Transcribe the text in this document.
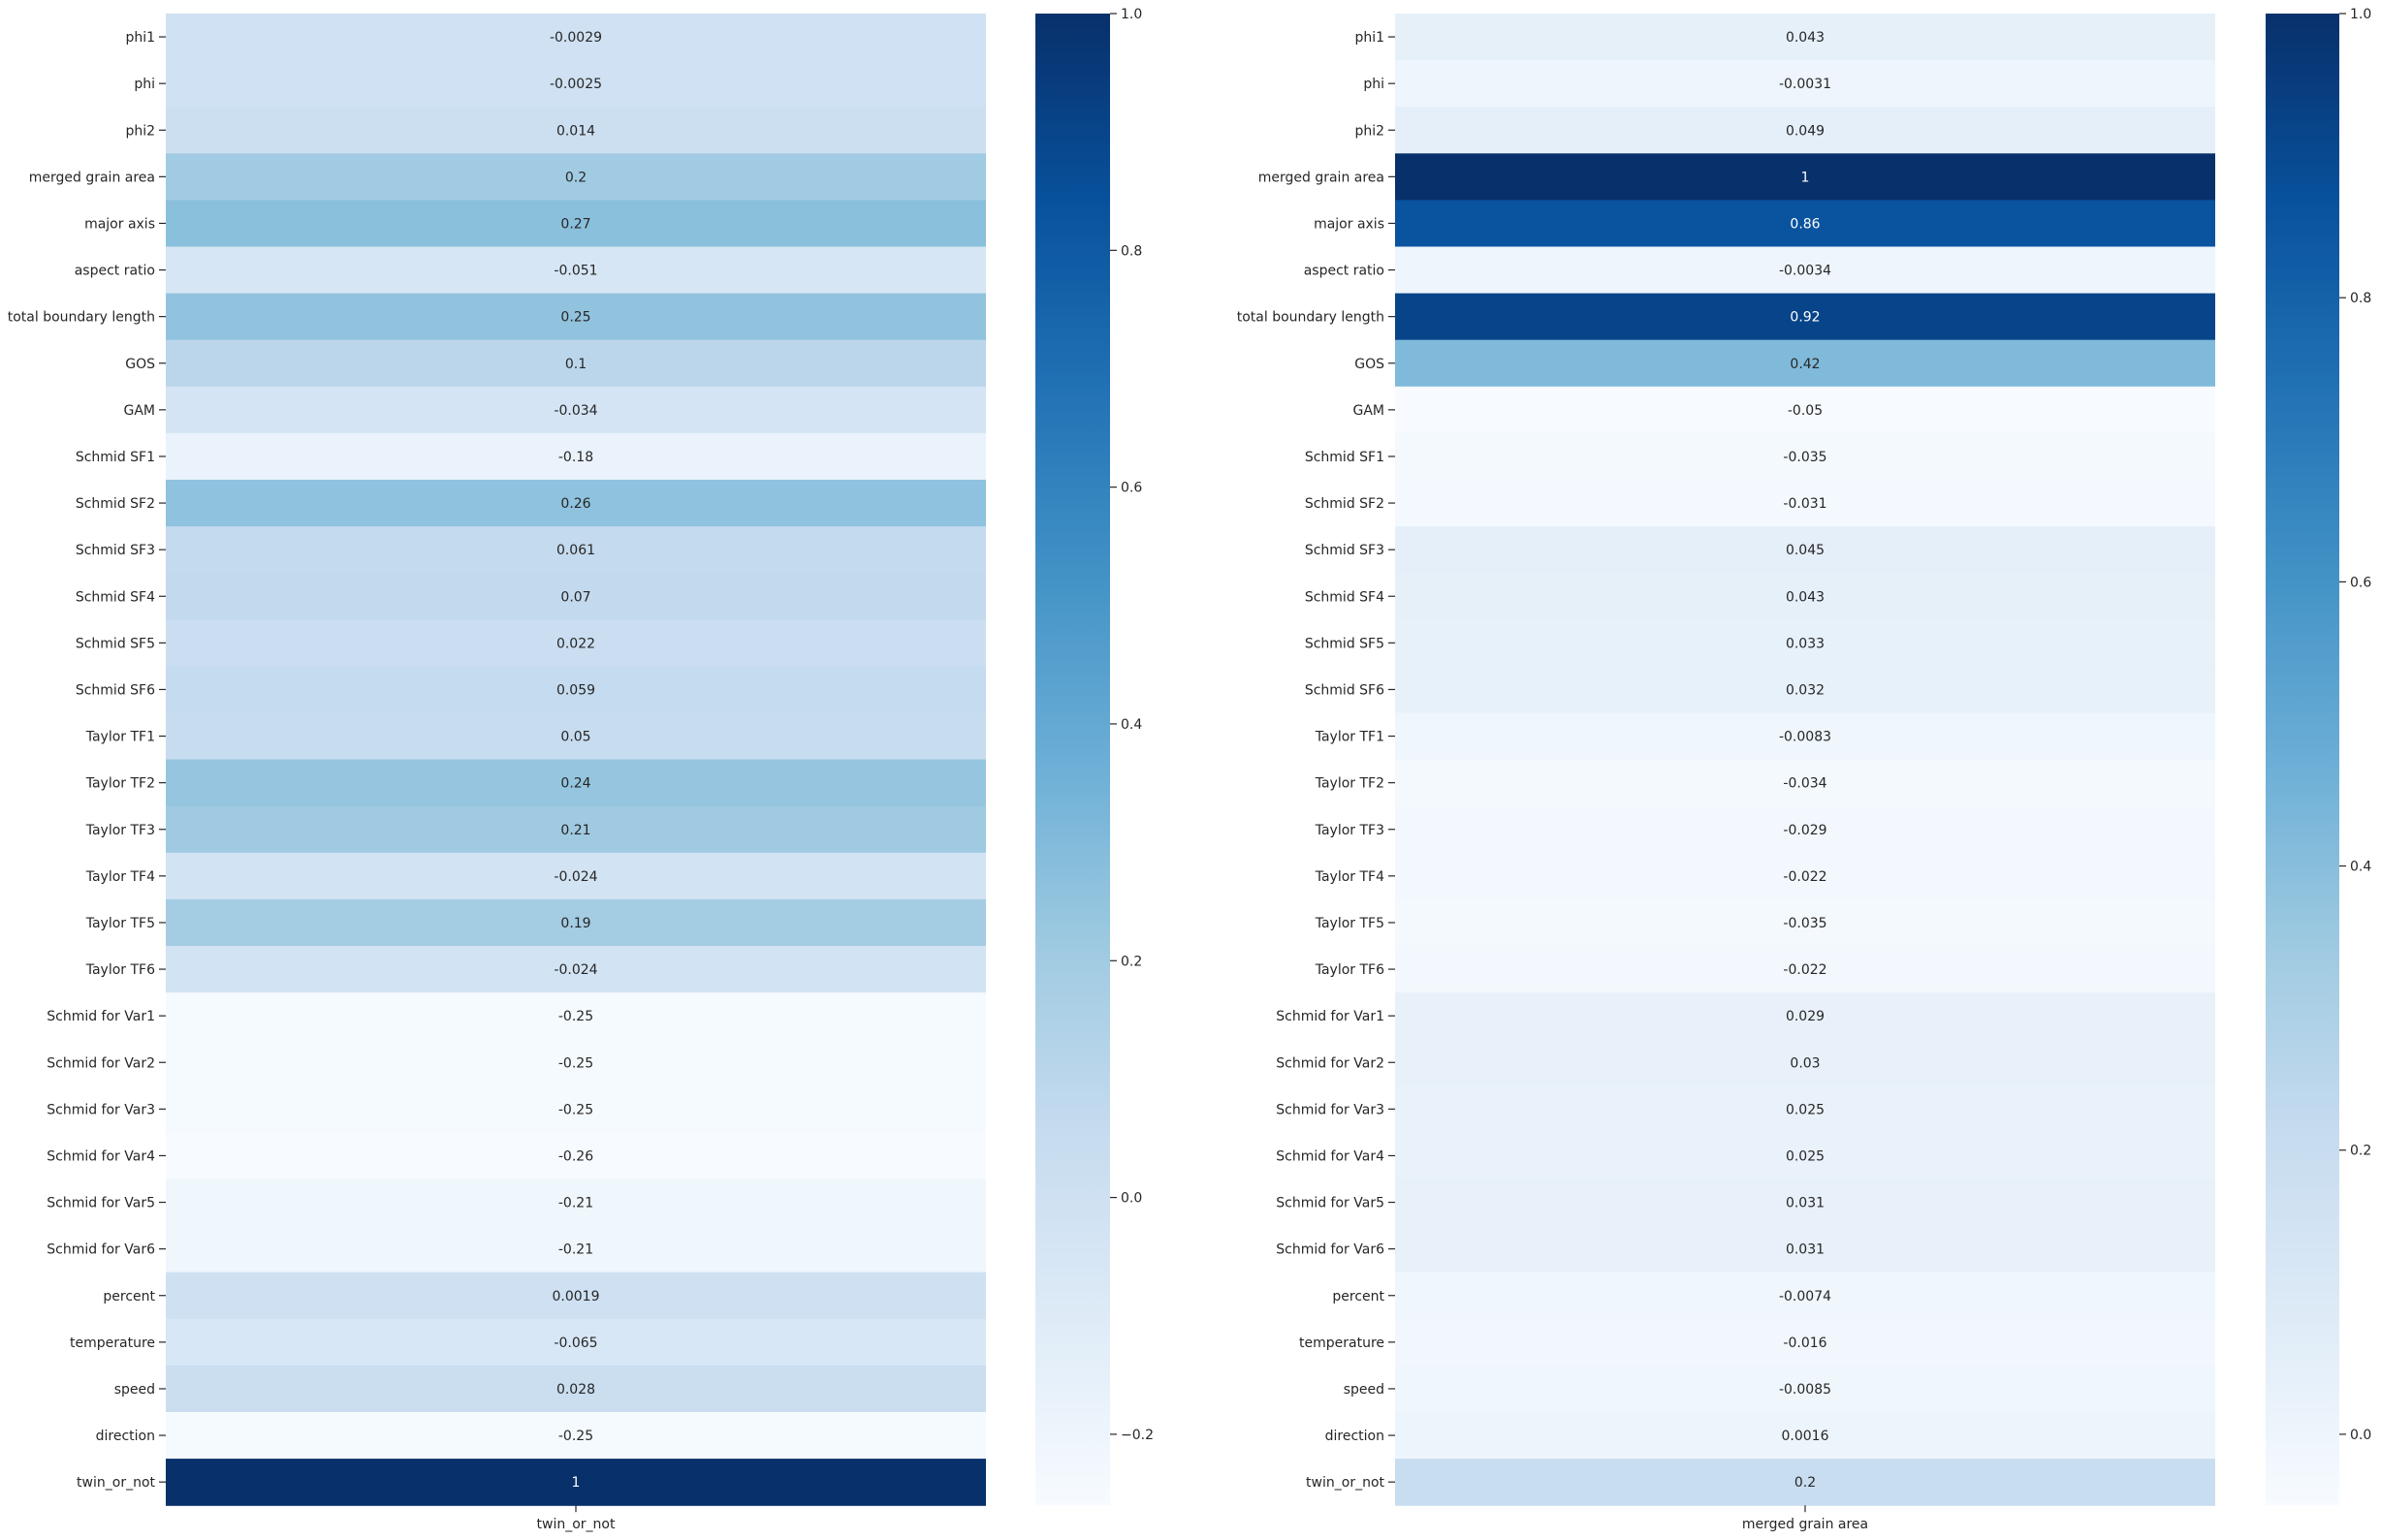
-0.0029
-0.0025
0.014
0.2
0.27
-0.051
0.25
0.1
-0.034
-0.18
0.26
0.061
0.07
0.022
0.059
0.05
0.24
0.21
-0.024
0.19
-0.024
-0.25
-0.25
-0.25
-0.26
-0.21
-0.21
0.0019
-0.065
0.028
-0.25
1
phi1
phi
phi2
merged grain area
major axis
aspect ratio
total boundary length
GOS
GAM
Schmid SF1
Schmid SF2
Schmid SF3
Schmid SF4
Schmid SF5
Schmid SF6
Taylor TF1
Taylor TF2
Taylor TF3
Taylor TF4
Taylor TF5
Taylor TF6
Schmid for Var1
Schmid for Var2
Schmid for Var3
Schmid for Var4
Schmid for Var5
Schmid for Var6
percent
temperature
speed
direction
twin_or_not
twin_or_not
−0.2
0.0
0.2
0.4
0.6
0.8
1.0
0.043
-0.0031
0.049
1
0.86
-0.0034
0.92
0.42
-0.05
-0.035
-0.031
0.045
0.043
0.033
0.032
-0.0083
-0.034
-0.029
-0.022
-0.035
-0.022
0.029
0.03
0.025
0.025
0.031
0.031
-0.0074
-0.016
-0.0085
0.0016
0.2
phi1
phi
phi2
merged grain area
major axis
aspect ratio
total boundary length
GOS
GAM
Schmid SF1
Schmid SF2
Schmid SF3
Schmid SF4
Schmid SF5
Schmid SF6
Taylor TF1
Taylor TF2
Taylor TF3
Taylor TF4
Taylor TF5
Taylor TF6
Schmid for Var1
Schmid for Var2
Schmid for Var3
Schmid for Var4
Schmid for Var5
Schmid for Var6
percent
temperature
speed
direction
twin_or_not
merged grain area
0.0
0.2
0.4
0.6
0.8
1.0
